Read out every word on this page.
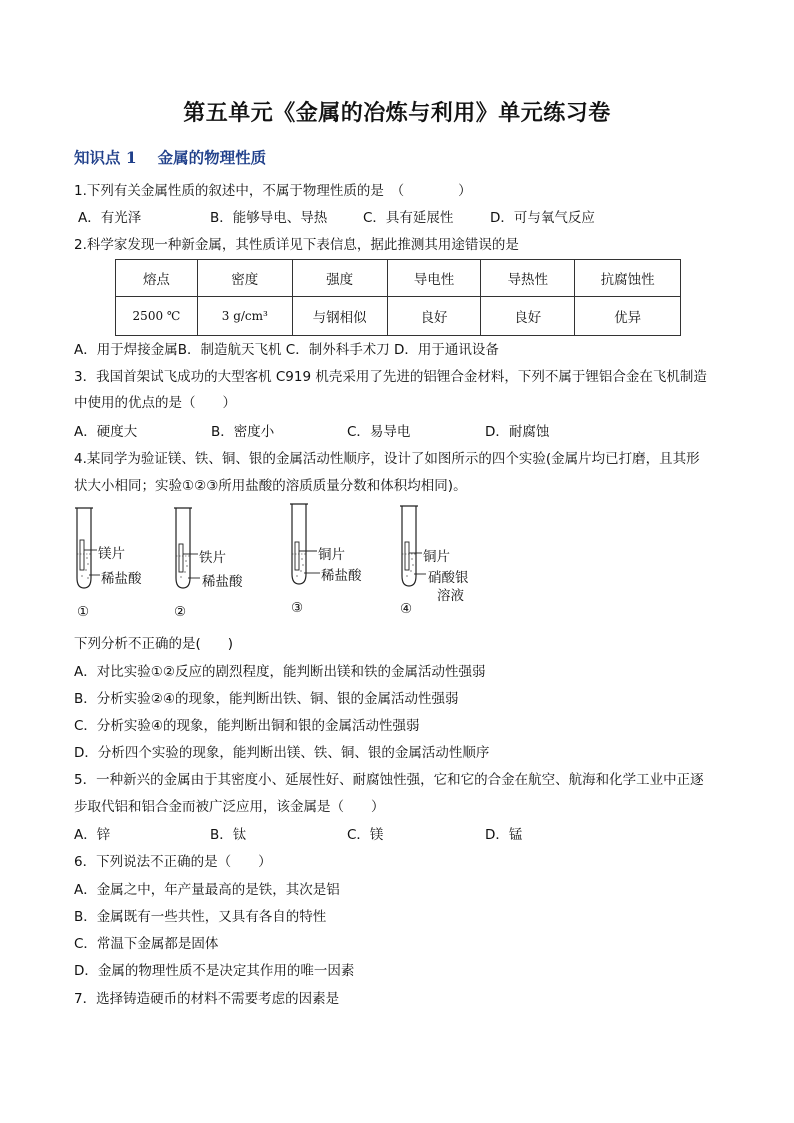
第五单元《金属的冶炼与利用》单元练习卷
知识点 1　 金属的物理性质
1.下列有关金属性质的叙述中，不属于物理性质的是　（　　　　）
A．有光泽	B．能够导电、导热	C．具有延展性	D．可与氧气反应
2.科学家发现一种新金属，其性质详见下表信息，据此推测其用途错误的是
熔点	密度	强度	导电性	导热性	抗腐蚀性
2500 ℃	3 g/cm³	与钢相似	良好	良好	优异
A．用于焊接金属B．制造航天飞机 C．制外科手术刀 D．用于通讯设备
3．我国首架试飞成功的大型客机 C919 机壳采用了先进的铝锂合金材料，下列不属于锂铝合金在飞机制造
中使用的优点的是（　　）
A．硬度大	B．密度小	C．易导电	D．耐腐蚀
4.某同学为验证镁、铁、铜、银的金属活动性顺序，设计了如图所示的四个实验(金属片均已打磨，且其形
状大小相同；实验①②③所用盐酸的溶质质量分数和体积均相同)。
镁片
稀盐酸
①
铁片
稀盐酸
②
铜片
稀盐酸
③
铜片
硝酸银
溶液
④
下列分析不正确的是(　　)
A．对比实验①②反应的剧烈程度，能判断出镁和铁的金属活动性强弱
B．分析实验②④的现象，能判断出铁、铜、银的金属活动性强弱
C．分析实验④的现象，能判断出铜和银的金属活动性强弱
D．分析四个实验的现象，能判断出镁、铁、铜、银的金属活动性顺序
5．一种新兴的金属由于其密度小、延展性好、耐腐蚀性强，它和它的合金在航空、航海和化学工业中正逐
步取代铝和铝合金而被广泛应用，该金属是（　　）
A．锌	B．钛	C．镁	D．锰
6．下列说法不正确的是（　　）
A．金属之中，年产量最高的是铁，其次是铝
B．金属既有一些共性，又具有各自的特性
C．常温下金属都是固体
D．金属的物理性质不是决定其作用的唯一因素
7．选择铸造硬币的材料不需要考虑的因素是
